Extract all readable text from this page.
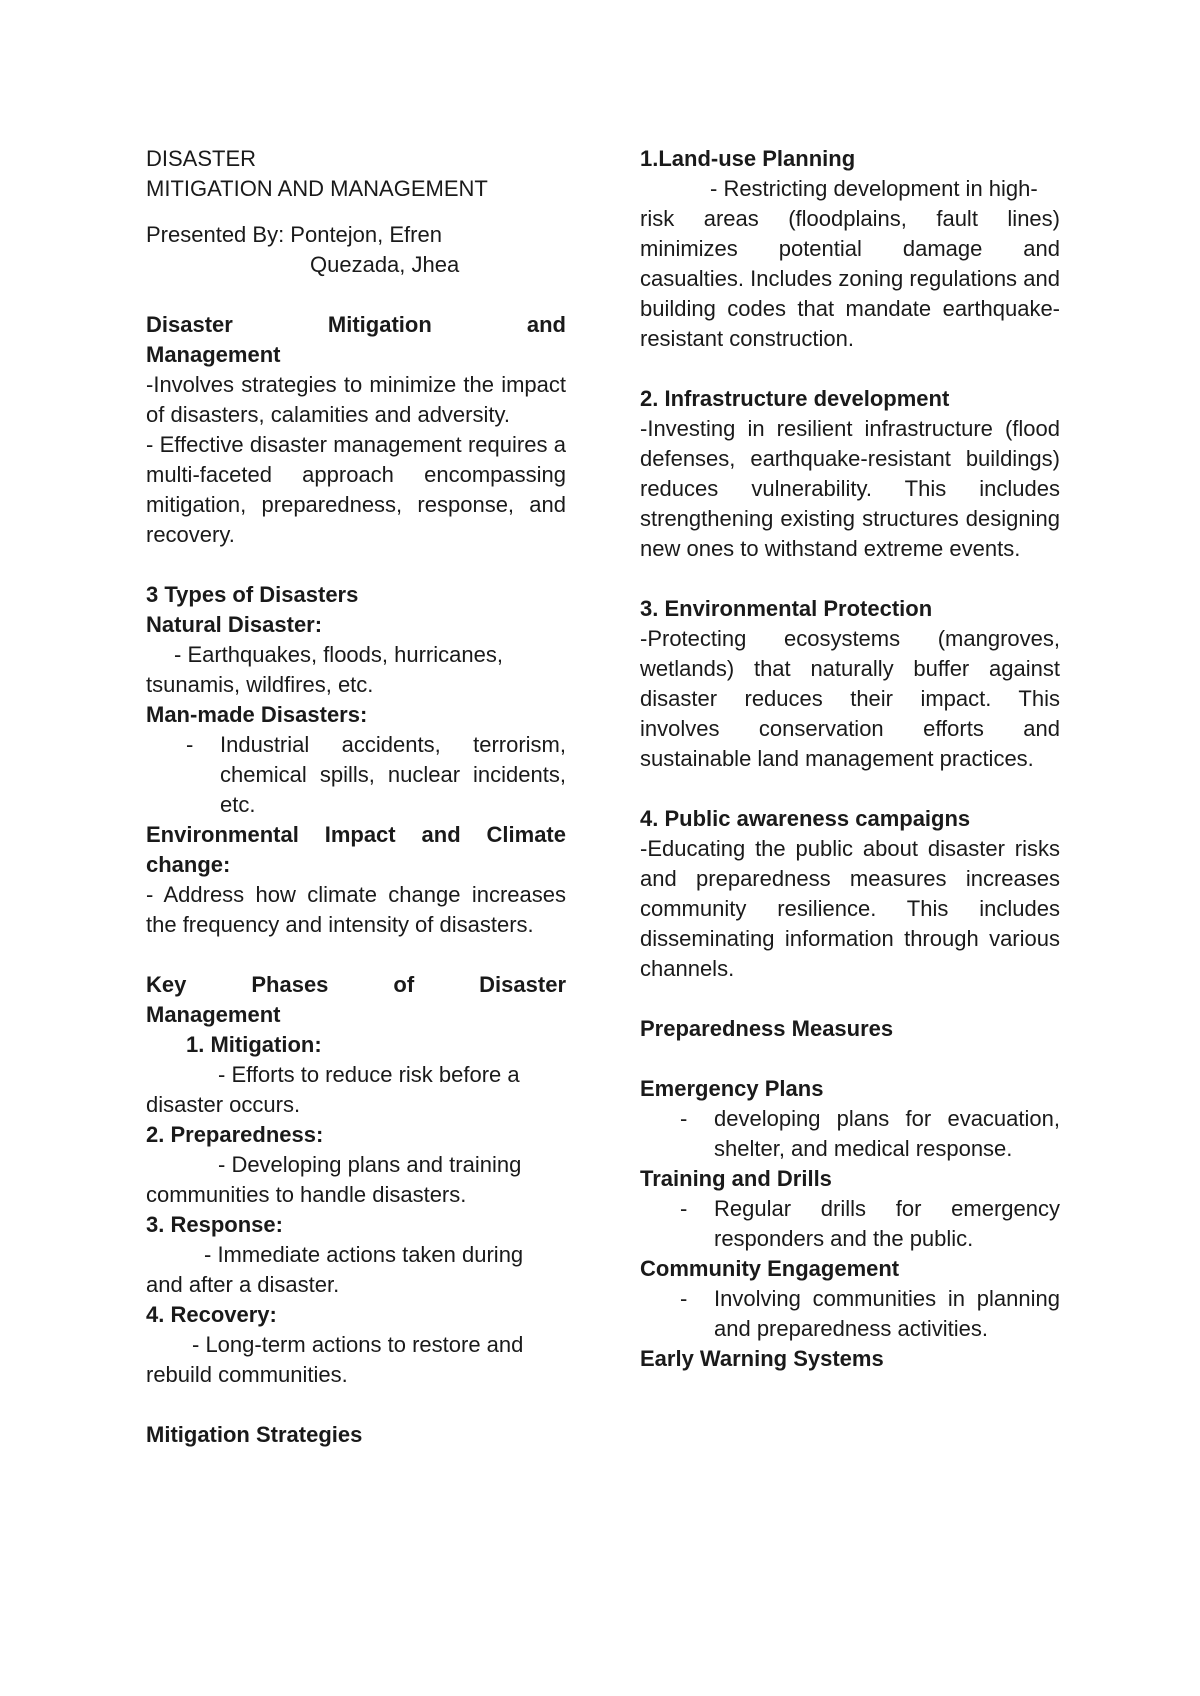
DISASTER

MITIGATION AND MANAGEMENT

Presented By: Pontejon, Efren

Quezada, Jhea

Disaster Mitigation and

Management

-Involves strategies to minimize the impact of disasters, calamities and adversity.

- Effective disaster management requires a multi-faceted approach encompassing mitigation, preparedness, response, and recovery.

3 Types of Disasters

Natural Disaster:

- Earthquakes, floods, hurricanes,

tsunamis, wildfires, etc.

Man-made Disasters:

- Industrial accidents, terrorism, chemical spills, nuclear incidents, etc.

Environmental Impact and Climate

change:

- Address how climate change increases the frequency and intensity of disasters.

Key Phases of Disaster

Management

1. Mitigation:

- Efforts to reduce risk before a

disaster occurs.

2. Preparedness:

- Developing plans and training

communities to handle disasters.

3. Response:

- Immediate actions taken during

and after a disaster.

4. Recovery:

- Long-term actions to restore and

rebuild communities.

Mitigation Strategies

1.Land-use Planning

- Restricting development in high-

risk areas (floodplains, fault lines) minimizes potential damage and casualties. Includes zoning regulations and building codes that mandate earthquake-resistant construction.

2. Infrastructure development

-Investing in resilient infrastructure (flood defenses, earthquake-resistant buildings) reduces vulnerability. This includes strengthening existing structures designing new ones to withstand extreme events.

3. Environmental Protection

-Protecting ecosystems (mangroves, wetlands) that naturally buffer against disaster reduces their impact. This involves conservation efforts and sustainable land management practices.

4. Public awareness campaigns

-Educating the public about disaster risks and preparedness measures increases community resilience. This includes disseminating information through various channels.

Preparedness Measures

Emergency Plans

- developing plans for evacuation, shelter, and medical response.

Training and Drills

- Regular drills for emergency responders and the public.

Community Engagement

- Involving communities in planning and preparedness activities.

Early Warning Systems
